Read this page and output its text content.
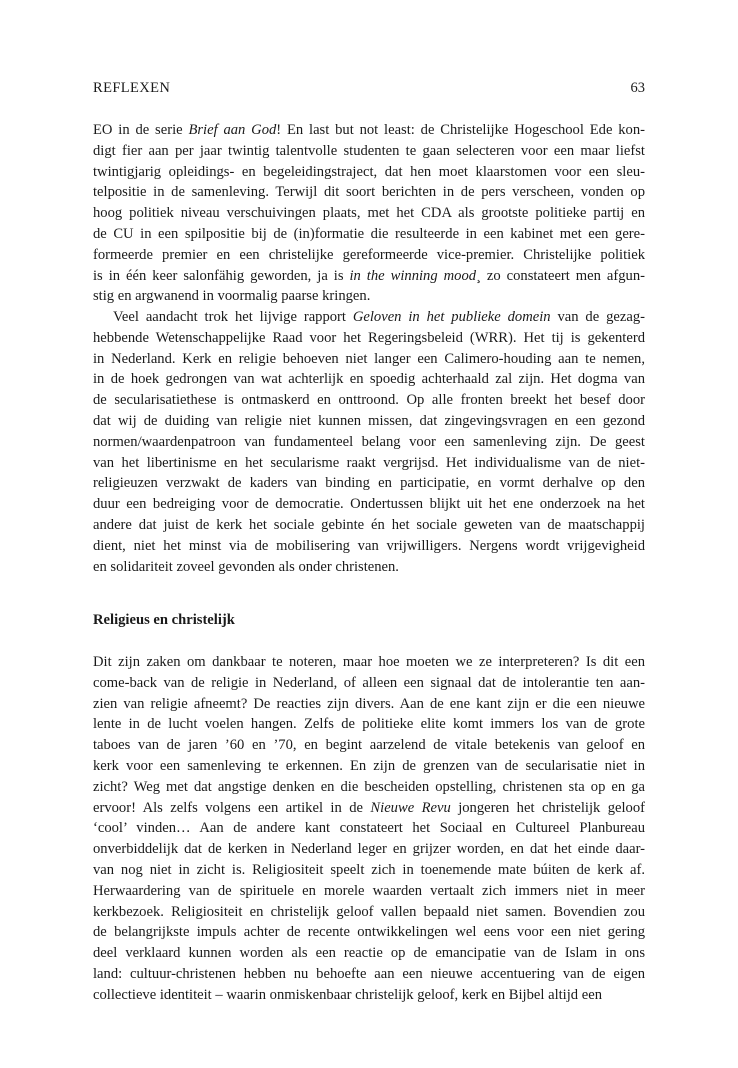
REFLEXEN	63
EO in de serie Brief aan God! En last but not least: de Christelijke Hogeschool Ede kon-
digt fier aan per jaar twintig talentvolle studenten te gaan selecteren voor een maar liefst
twintigjarig opleidings- en begeleidingstraject, dat hen moet klaarstomen voor een sleu-
telpositie in de samenleving. Terwijl dit soort berichten in de pers verscheen, vonden op
hoog politiek niveau verschuivingen plaats, met het CDA als grootste politieke partij en
de CU in een spilpositie bij de (in)formatie die resulteerde in een kabinet met een gere-
formeerde premier en een christelijke gereformeerde vice-premier. Christelijke politiek
is in één keer salonfähig geworden, ja is in the winning mood¸ zo constateert men afgun-
stig en argwanend in voormalig paarse kringen.
Veel aandacht trok het lijvige rapport Geloven in het publieke domein van de gezag-
hebbende Wetenschappelijke Raad voor het Regeringsbeleid (WRR). Het tij is gekenterd
in Nederland. Kerk en religie behoeven niet langer een Calimero-houding aan te nemen,
in de hoek gedrongen van wat achterlijk en spoedig achterhaald zal zijn. Het dogma van
de secularisatiethese is ontmaskerd en onttroond. Op alle fronten breekt het besef door
dat wij de duiding van religie niet kunnen missen, dat zingevingsvragen en een gezond
normen/waardenpatroon van fundamenteel belang voor een samenleving zijn. De geest
van het libertinisme en het secularisme raakt vergrijsd. Het individualisme van de niet-
religieuzen verzwakt de kaders van binding en participatie, en vormt derhalve op den
duur een bedreiging voor de democratie. Ondertussen blijkt uit het ene onderzoek na het
andere dat juist de kerk het sociale gebinte én het sociale geweten van de maatschappij
dient, niet het minst via de mobilisering van vrijwilligers. Nergens wordt vrijgevigheid
en solidariteit zoveel gevonden als onder christenen.
Religieus en christelijk
Dit zijn zaken om dankbaar te noteren, maar hoe moeten we ze interpreteren? Is dit een
come-back van de religie in Nederland, of alleen een signaal dat de intolerantie ten aan-
zien van religie afneemt? De reacties zijn divers. Aan de ene kant zijn er die een nieuwe
lente in de lucht voelen hangen. Zelfs de politieke elite komt immers los van de grote
taboes van de jaren ’60 en ’70, en begint aarzelend de vitale betekenis van geloof en
kerk voor een samenleving te erkennen. En zijn de grenzen van de secularisatie niet in
zicht? Weg met dat angstige denken en die bescheiden opstelling, christenen sta op en ga
ervoor! Als zelfs volgens een artikel in de Nieuwe Revu jongeren het christelijk geloof
‘cool’ vinden… Aan de andere kant constateert het Sociaal en Cultureel Planbureau
onverbiddelijk dat de kerken in Nederland leger en grijzer worden, en dat het einde daar-
van nog niet in zicht is. Religiositeit speelt zich in toenemende mate búiten de kerk af.
Herwaardering van de spirituele en morele waarden vertaalt zich immers niet in meer
kerkbezoek. Religiositeit en christelijk geloof vallen bepaald niet samen. Bovendien zou
de belangrijkste impuls achter de recente ontwikkelingen wel eens voor een niet gering
deel verklaard kunnen worden als een reactie op de emancipatie van de Islam in ons
land: cultuur-christenen hebben nu behoefte aan een nieuwe accentuering van de eigen
collectieve identiteit – waarin onmiskenbaar christelijk geloof, kerk en Bijbel altijd een
